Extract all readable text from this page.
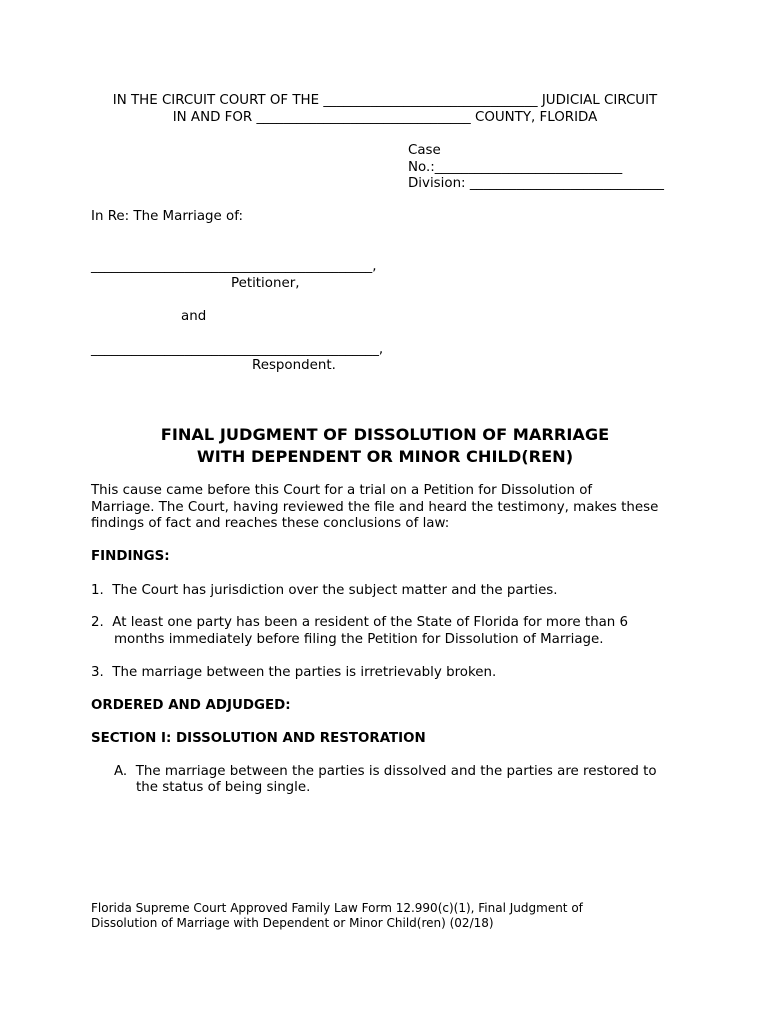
IN THE CIRCUIT COURT OF THE ________________________________ JUDICIAL CIRCUIT
IN AND FOR ________________________________ COUNTY, FLORIDA
Case
No.:____________________________
Division: _____________________________
In Re: The Marriage of:
__________________________________________,
Petitioner,
and
___________________________________________,
Respondent.
FINAL JUDGMENT OF DISSOLUTION OF MARRIAGE
WITH DEPENDENT OR MINOR CHILD(REN)
This cause came before this Court for a trial on a Petition for Dissolution of
Marriage. The Court, having reviewed the file and heard the testimony, makes these
findings of fact and reaches these conclusions of law:
FINDINGS:
1.  The Court has jurisdiction over the subject matter and the parties.
2.  At least one party has been a resident of the State of Florida for more than 6
months immediately before filing the Petition for Dissolution of Marriage.
3.  The marriage between the parties is irretrievably broken.
ORDERED AND ADJUDGED:
SECTION I: DISSOLUTION AND RESTORATION
A.  The marriage between the parties is dissolved and the parties are restored to
the status of being single.
Florida Supreme Court Approved Family Law Form 12.990(c)(1), Final Judgment of
Dissolution of Marriage with Dependent or Minor Child(ren) (02/18)
